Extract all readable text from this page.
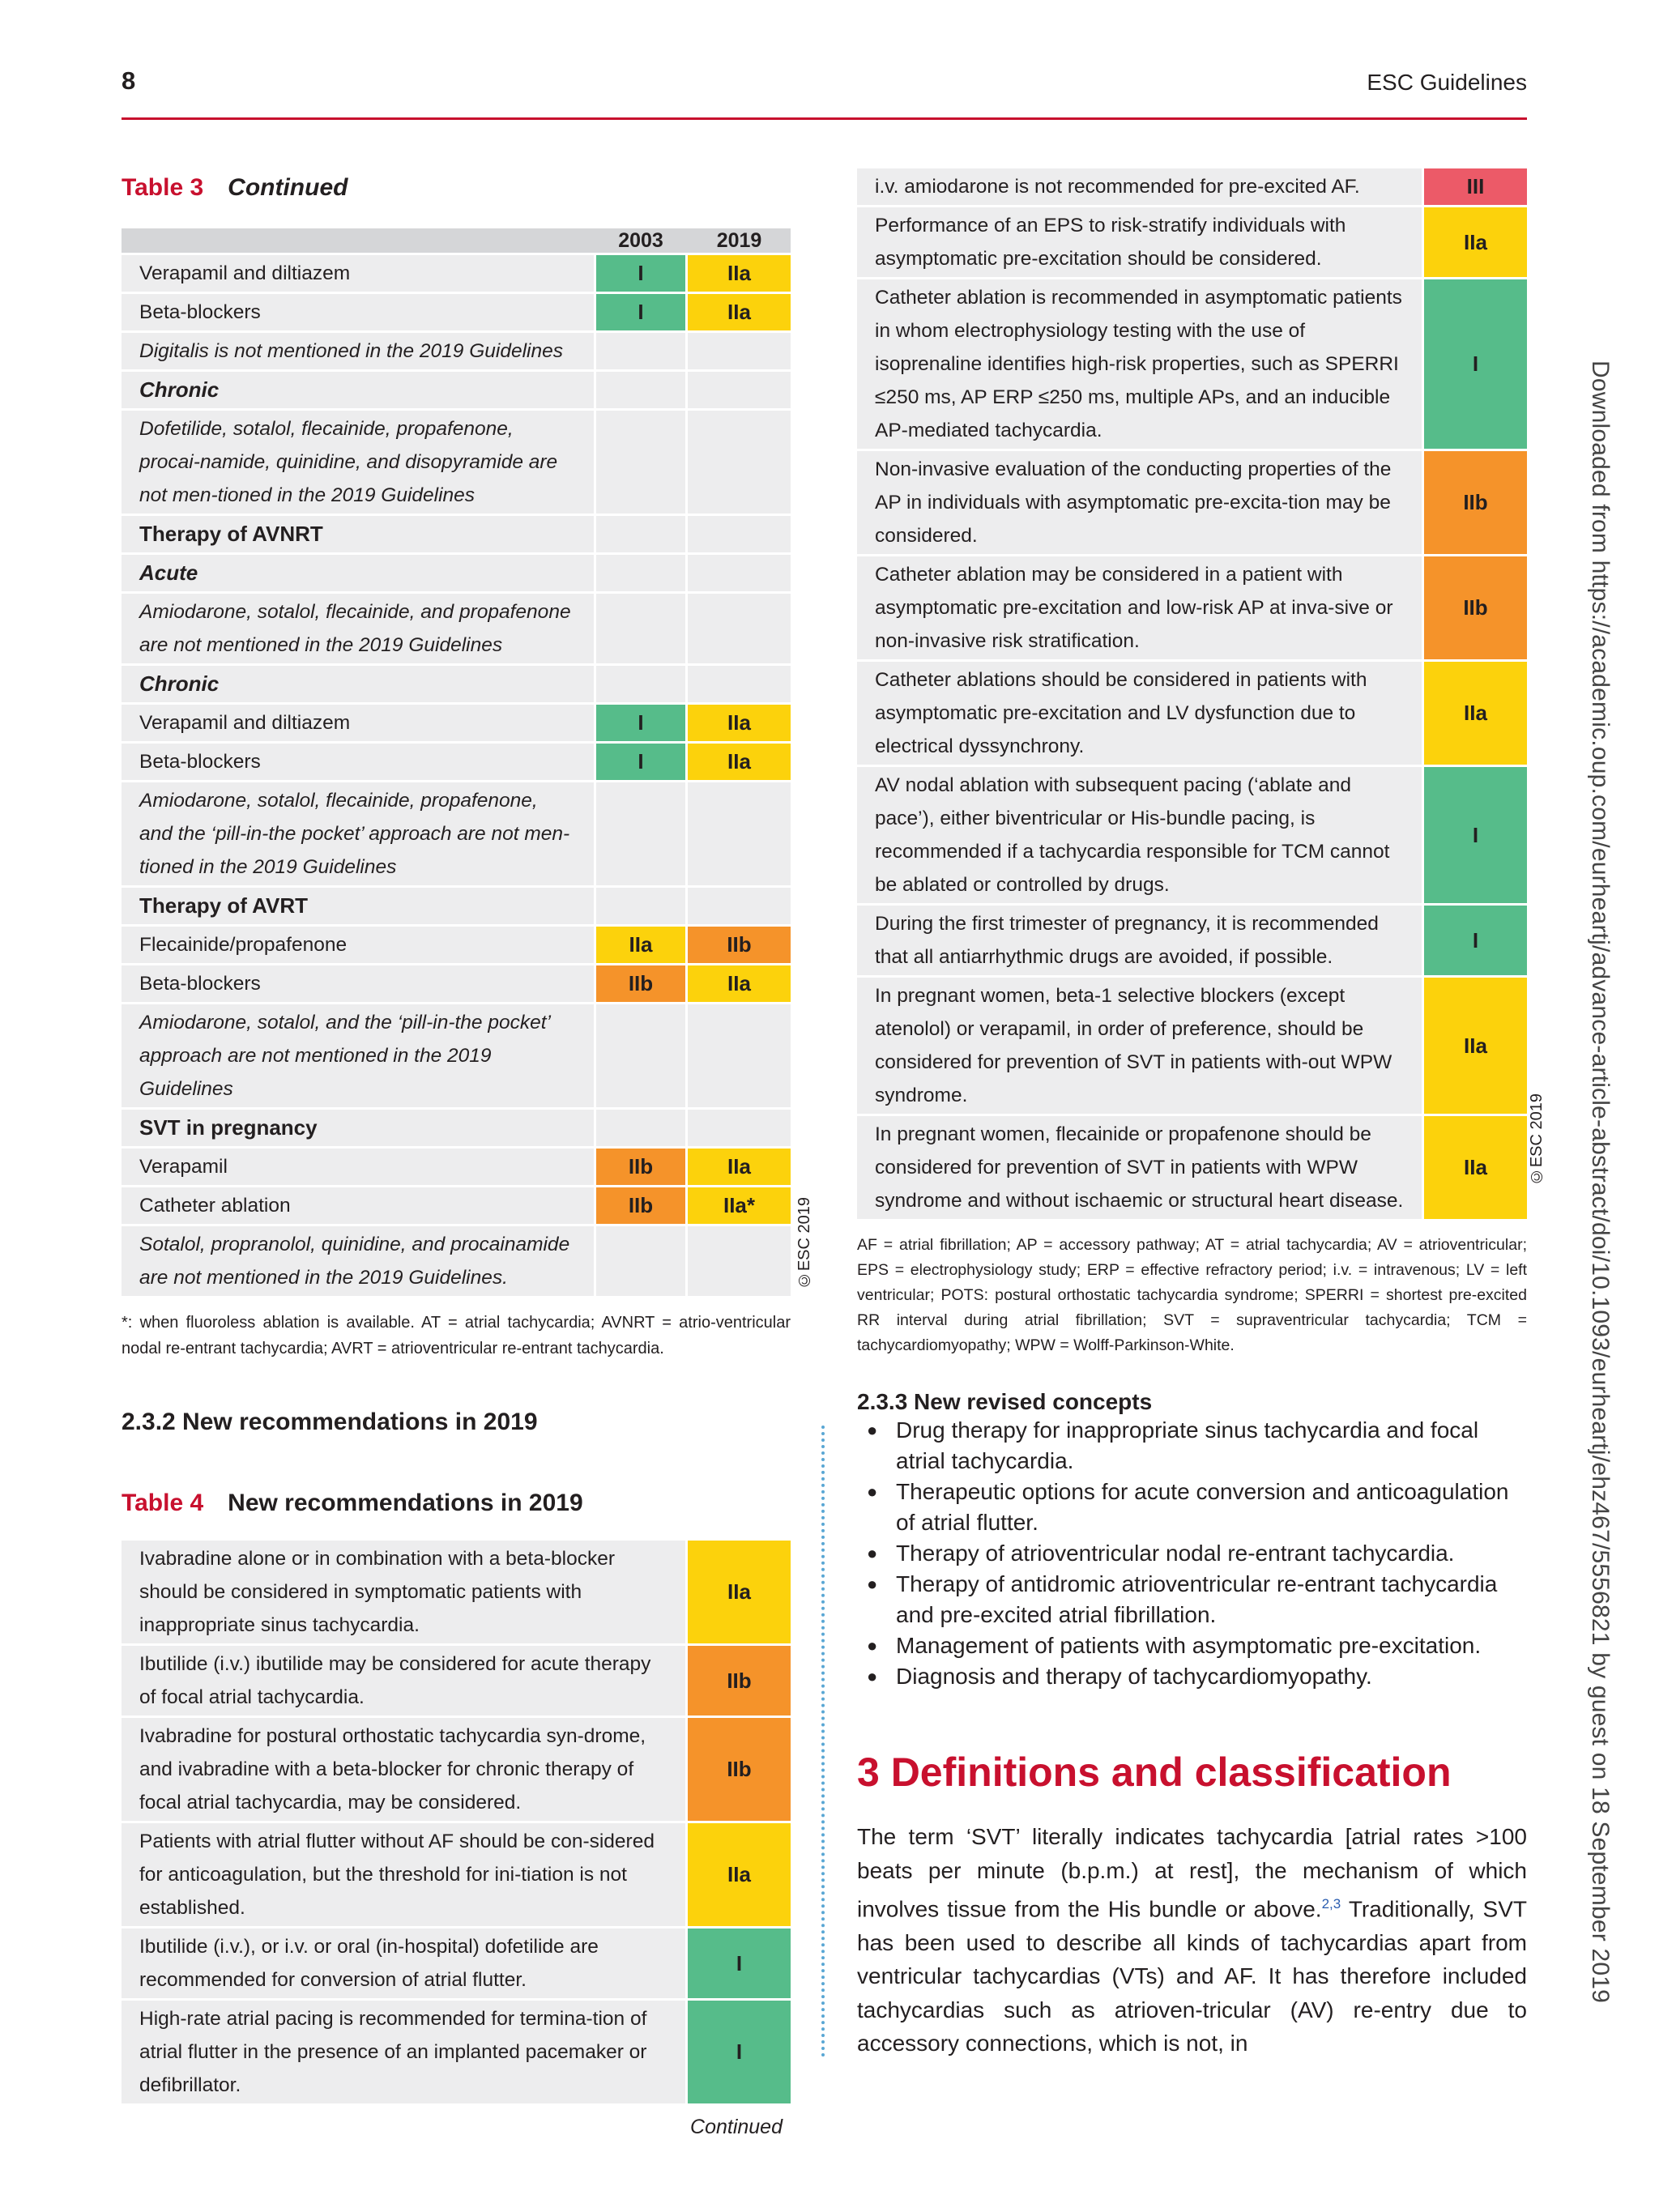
8	ESC Guidelines
Table 3 Continued
		2003		2019
Verapamil and diltiazem		I		IIa
Beta-blockers		I		IIa
Digitalis is not mentioned in the 2019 Guidelines				
Chronic				
Dofetilide, sotalol, flecainide, propafenone, procai-namide, quinidine, and disopyramide are not men-tioned in the 2019 Guidelines				
Therapy of AVNRT				
Acute				
Amiodarone, sotalol, flecainide, and propafenone are not mentioned in the 2019 Guidelines				
Chronic				
Verapamil and diltiazem		I		IIa
Beta-blockers		I		IIa
Amiodarone, sotalol, flecainide, propafenone, and the ‘pill-in-the pocket’ approach are not men-tioned in the 2019 Guidelines				
Therapy of AVRT				
Flecainide/propafenone		IIa		IIb
Beta-blockers		IIb		IIa
Amiodarone, sotalol, and the ‘pill-in-the pocket’ approach are not mentioned in the 2019 Guidelines				
SVT in pregnancy				
Verapamil		IIb		IIa
Catheter ablation		IIb		IIa*
Sotalol, propranolol, quinidine, and procainamide are not mentioned in the 2019 Guidelines.					©ESC 2019
*: when fluoroless ablation is available. AT = atrial tachycardia; AVNRT = atrio-ventricular nodal re-entrant tachycardia; AVRT = atrioventricular re-entrant tachycardia.
2.3.2 New recommendations in 2019
Table 4 New recommendations in 2019
Ivabradine alone or in combination with a beta-blocker should be considered in symptomatic patients with inappropriate sinus tachycardia.		IIa
Ibutilide (i.v.) ibutilide may be considered for acute therapy of focal atrial tachycardia.		IIb
Ivabradine for postural orthostatic tachycardia syn-drome, and ivabradine with a beta-blocker for chronic therapy of focal atrial tachycardia, may be considered.		IIb
Patients with atrial flutter without AF should be con-sidered for anticoagulation, but the threshold for ini-tiation is not established.		IIa
Ibutilide (i.v.), or i.v. or oral (in-hospital) dofetilide are recommended for conversion of atrial flutter.		I
High-rate atrial pacing is recommended for termina-tion of atrial flutter in the presence of an implanted pacemaker or defibrillator.		I
Continued
i.v. amiodarone is not recommended for pre-excited AF.		III
Performance of an EPS to risk-stratify individuals with asymptomatic pre-excitation should be considered.		IIa
Catheter ablation is recommended in asymptomatic patients in whom electrophysiology testing with the use of isoprenaline identifies high-risk properties, such as SPERRI ≤250 ms, AP ERP ≤250 ms, multiple APs, and an inducible AP-mediated tachycardia.		I
Non-invasive evaluation of the conducting properties of the AP in individuals with asymptomatic pre-excita-tion may be considered.		IIb
Catheter ablation may be considered in a patient with asymptomatic pre-excitation and low-risk AP at inva-sive or non-invasive risk stratification.		IIb
Catheter ablations should be considered in patients with asymptomatic pre-excitation and LV dysfunction due to electrical dyssynchrony.		IIa
AV nodal ablation with subsequent pacing (‘ablate and pace’), either biventricular or His-bundle pacing, is recommended if a tachycardia responsible for TCM cannot be ablated or controlled by drugs.		I
During the first trimester of pregnancy, it is recommended that all antiarrhythmic drugs are avoided, if possible.		I
In pregnant women, beta-1 selective blockers (except atenolol) or verapamil, in order of preference, should be considered for prevention of SVT in patients with-out WPW syndrome.		IIa
In pregnant women, flecainide or propafenone should be considered for prevention of SVT in patients with WPW syndrome and without ischaemic or structural heart disease.		IIa	©ESC 2019
AF = atrial fibrillation; AP = accessory pathway; AT = atrial tachycardia; AV = atrioventricular; EPS = electrophysiology study; ERP = effective refractory period; i.v. = intravenous; LV = left ventricular; POTS: postural orthostatic tachycardia syndrome; SPERRI = shortest pre-excited RR interval during atrial fibrillation; SVT = supraventricular tachycardia; TCM = tachycardiomyopathy; WPW = Wolff-Parkinson-White.
2.3.3 New revised concepts
● Drug therapy for inappropriate sinus tachycardia and focal atrial tachycardia.
● Therapeutic options for acute conversion and anticoagulation of atrial flutter.
● Therapy of atrioventricular nodal re-entrant tachycardia.
● Therapy of antidromic atrioventricular re-entrant tachycardia and pre-excited atrial fibrillation.
● Management of patients with asymptomatic pre-excitation.
● Diagnosis and therapy of tachycardiomyopathy.
3 Definitions and classification

The term ‘SVT’ literally indicates tachycardia [atrial rates >100 beats per minute (b.p.m.) at rest], the mechanism of which involves tissue from the His bundle or above.$^{2,3}$ Traditionally, SVT has been used to describe all kinds of tachycardias apart from ventricular tachycardias (VTs) and AF. It has therefore included tachycardias such as atrioven-tricular (AV) re-entry due to accessory connections, which is not, in

Downloaded from https://academic.oup.com/eurheartj/advance-article-abstract/doi/10.1093/eurheartj/ehz467/5556821 by guest on 18 September 2019
